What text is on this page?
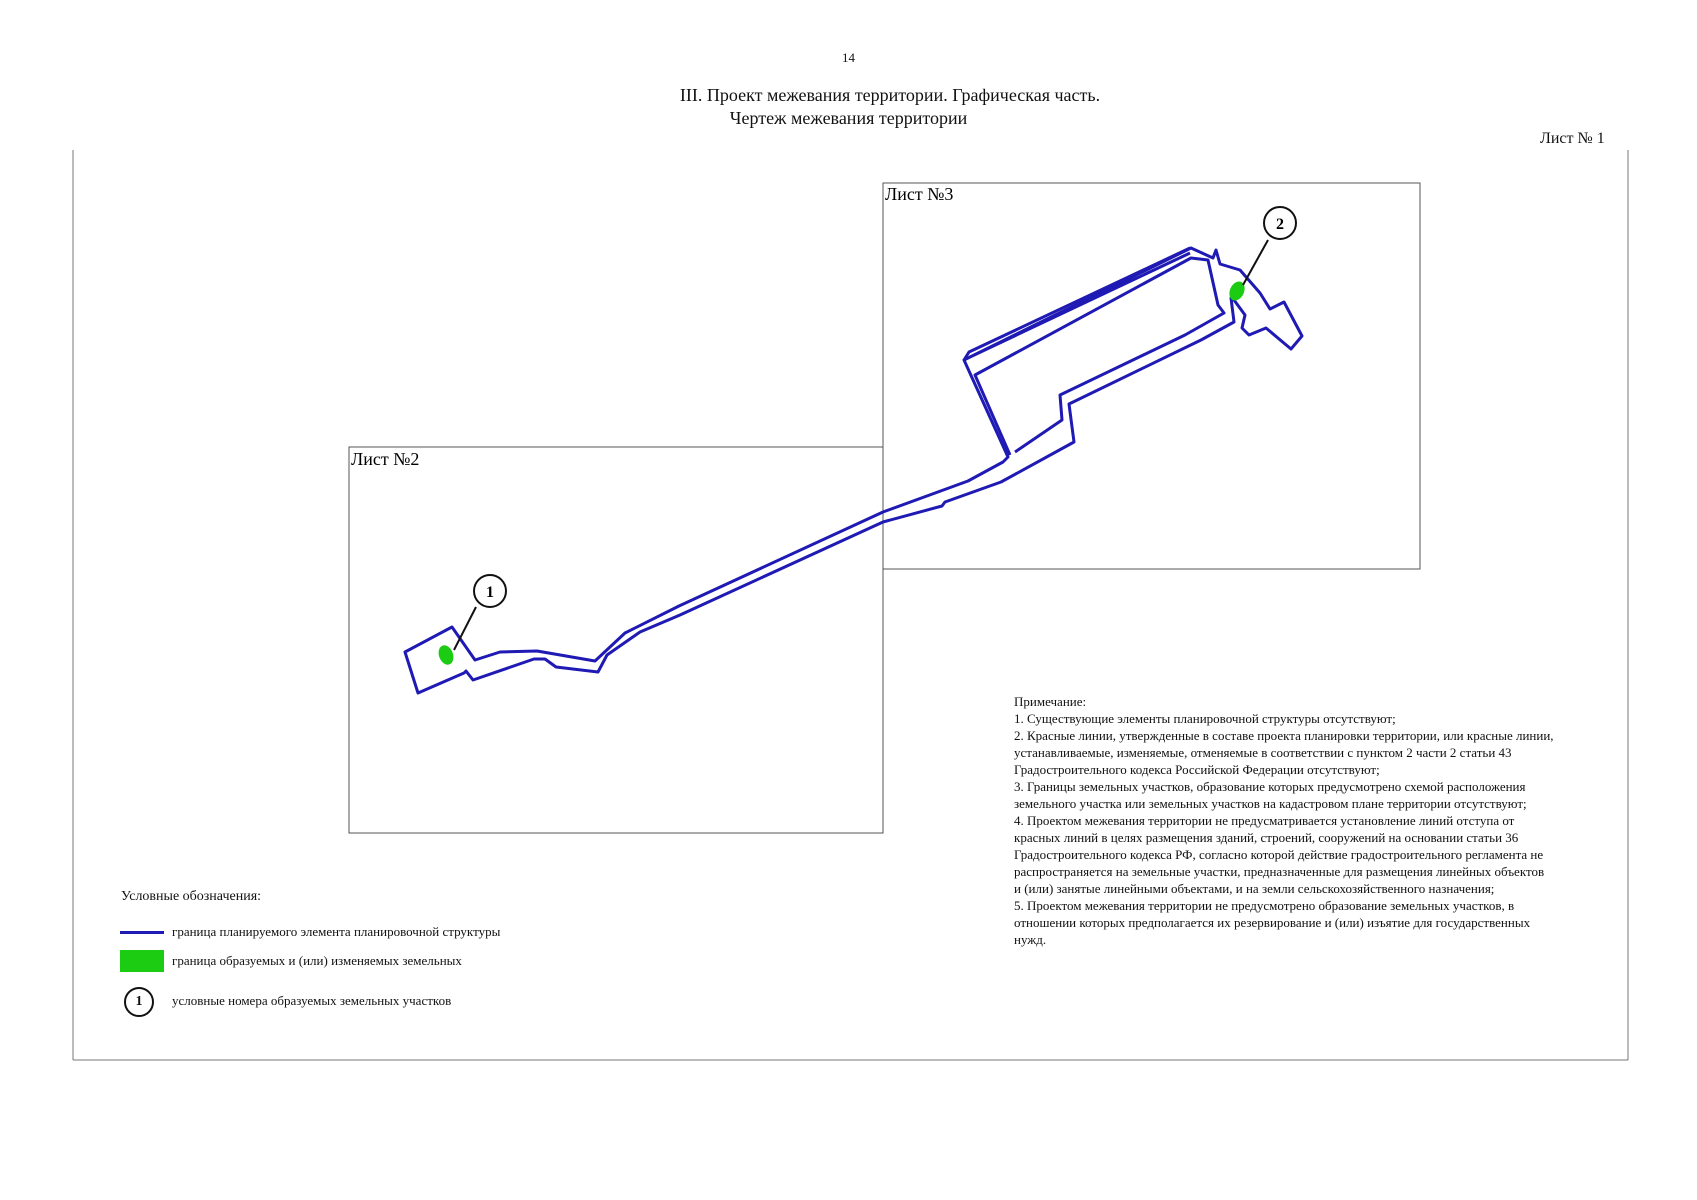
14
III. Проект межевания территории. Графическая часть.
Чертеж межевания территории
Лист № 1
Лист №2
Лист №3
1
2
Условные обозначения:
граница планируемого элемента планировочной структуры
граница образуемых и (или) изменяемых земельных
1	условные номера образуемых земельных участков

Примечание:

1. Существующие элементы планировочной структуры отсутствуют;

2. Красные линии, утвержденные в составе проекта планировки территории, или красные линии, устанавливаемые, изменяемые, отменяемые в соответствии с пунктом 2 части 2 статьи 43 Градостроительного кодекса Российской Федерации отсутствуют;

3. Границы земельных участков, образование которых предусмотрено схемой расположения земельного участка или земельных участков на кадастровом плане территории отсутствуют;

4. Проектом межевания территории не предусматривается установление линий отступа от красных линий в целях размещения зданий, строений, сооружений на основании статьи 36 Градостроительного кодекса РФ, согласно которой действие градостроительного регламента не распространяется на земельные участки, предназначенные для размещения линейных объектов и (или) занятые линейными объектами, и на земли сельскохозяйственного назначения;

5. Проектом межевания территории не предусмотрено образование земельных участков, в отношении которых предполагается их резервирование и (или) изъятие для государственных нужд.
